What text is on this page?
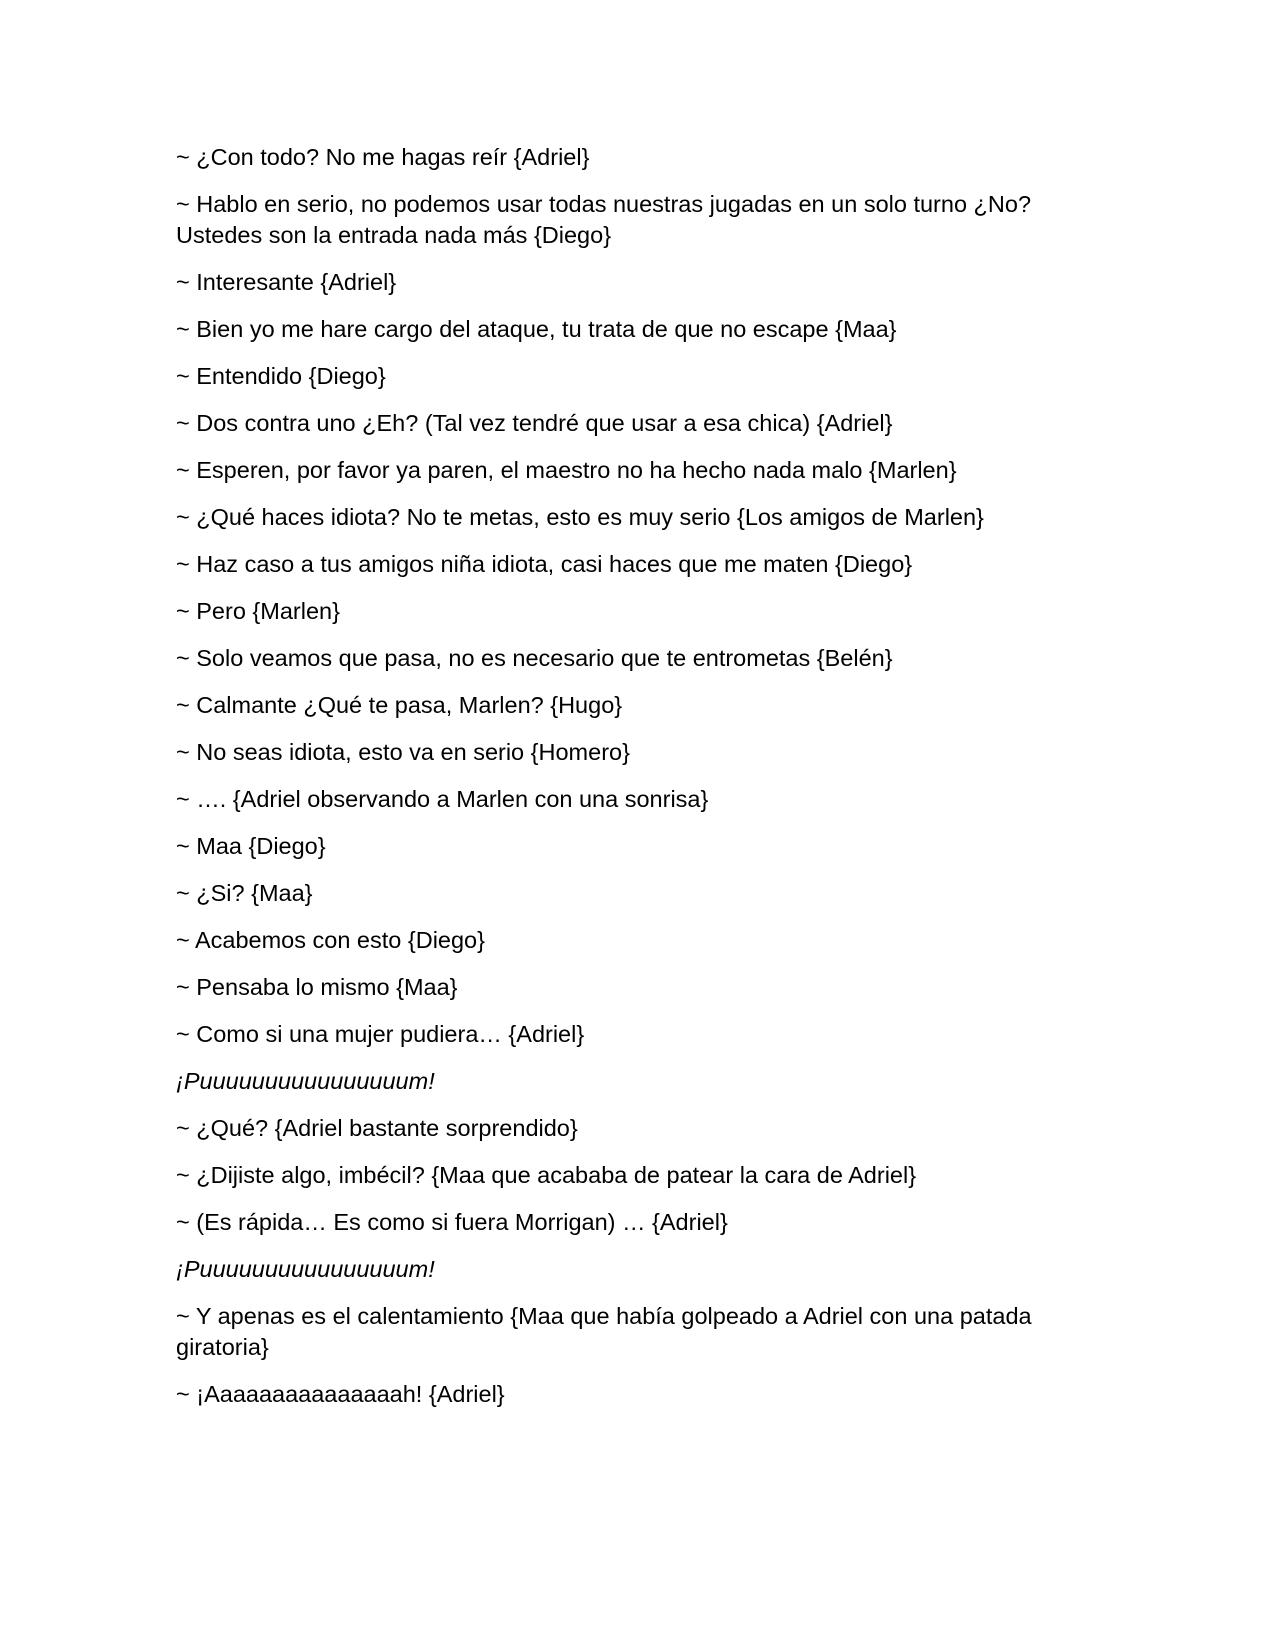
~ ¿Con todo? No me hagas reír {Adriel}

~ Hablo en serio, no podemos usar todas nuestras jugadas en un solo turno ¿No? Ustedes son la entrada nada más {Diego}

~ Interesante {Adriel}

~ Bien yo me hare cargo del ataque, tu trata de que no escape {Maa}

~ Entendido {Diego}

~ Dos contra uno ¿Eh? (Tal vez tendré que usar a esa chica) {Adriel}

~ Esperen, por favor ya paren, el maestro no ha hecho nada malo {Marlen}

~ ¿Qué haces idiota? No te metas, esto es muy serio {Los amigos de Marlen}

~ Haz caso a tus amigos niña idiota, casi haces que me maten {Diego}

~ Pero {Marlen}

~ Solo veamos que pasa, no es necesario que te entrometas {Belén}

~ Calmante ¿Qué te pasa, Marlen? {Hugo}

~ No seas idiota, esto va en serio {Homero}

~ …. {Adriel observando a Marlen con una sonrisa}

~ Maa {Diego}

~ ¿Si? {Maa}

~ Acabemos con esto {Diego}

~ Pensaba lo mismo {Maa}

~ Como si una mujer pudiera… {Adriel}

¡Puuuuuuuuuuuuuuuum!

~ ¿Qué? {Adriel bastante sorprendido}

~ ¿Dijiste algo, imbécil? {Maa que acababa de patear la cara de Adriel}

~ (Es rápida… Es como si fuera Morrigan) … {Adriel}

¡Puuuuuuuuuuuuuuuum!

~ Y apenas es el calentamiento {Maa que había golpeado a Adriel con una patada giratoria}

~ ¡Aaaaaaaaaaaaaaah! {Adriel}
